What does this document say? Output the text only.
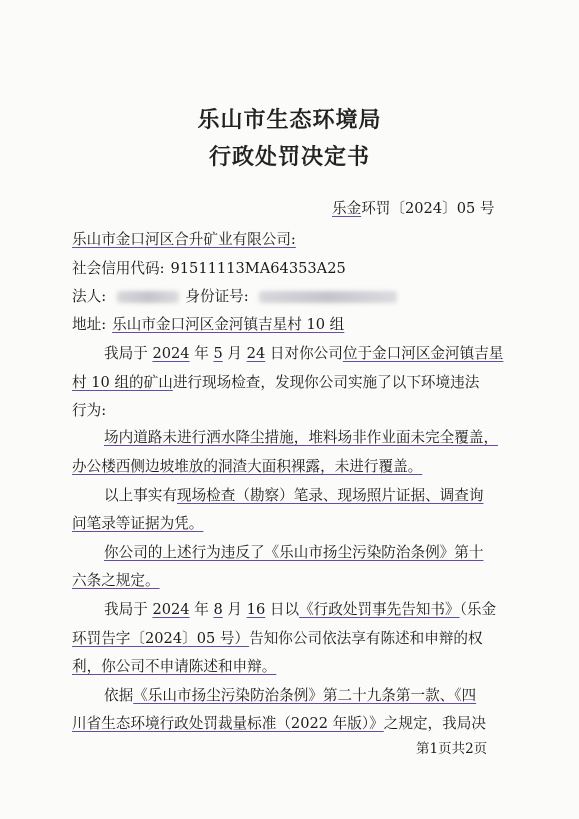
乐山市生态环境局
行政处罚决定书
乐金环罚〔2024〕05 号
乐山市金口河区合升矿业有限公司:
社会信用代码: 91511113MA64353A25
法人:	身份证号:
地址: 乐山市金口河区金河镇吉星村 10 组
我局于 2024 年 5 月 24 日对你公司位于金口河区金河镇吉星
村 10 组的矿山进行现场检查，发现你公司实施了以下环境违法
行为:
场内道路未进行洒水降尘措施，堆料场非作业面未完全覆盖，
办公楼西侧边坡堆放的洞渣大面积裸露，未进行覆盖。
以上事实有现场检查（勘察）笔录、现场照片证据、调查询
问笔录等证据为凭。
你公司的上述行为违反了《乐山市扬尘污染防治条例》第十
六条之规定。
我局于 2024 年 8 月 16 日以《行政处罚事先告知书》（乐金
环罚告字〔2024〕05 号）告知你公司依法享有陈述和申辩的权
利，你公司不申请陈述和申辩。
依据《乐山市扬尘污染防治条例》第二十九条第一款、《四
川省生态环境行政处罚裁量标准（2022 年版）》之规定，我局决
第1页共2页
